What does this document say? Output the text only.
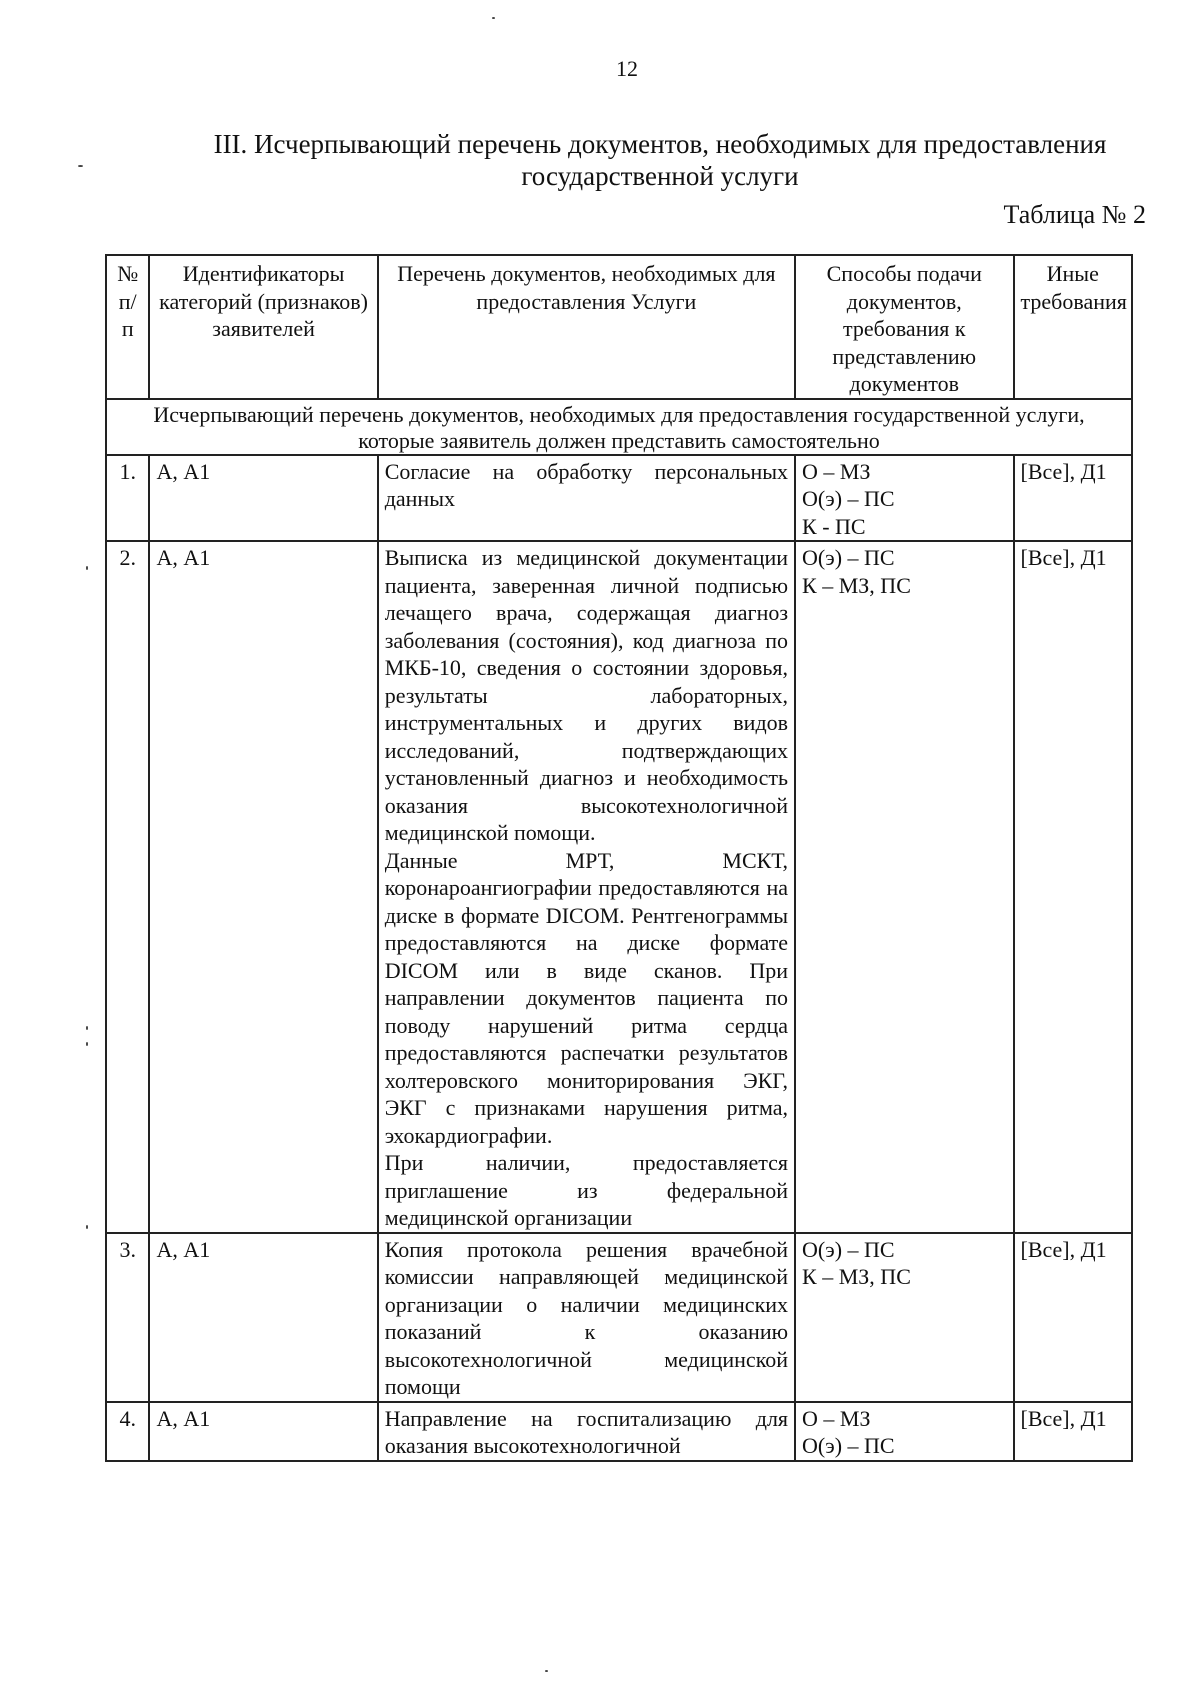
12
III. Исчерпывающий перечень документов, необходимых для предоставления
государственной услуги
Таблица № 2
№ п/п	Идентификаторы категорий (признаков) заявителей	Перечень документов, необходимых для предоставления Услуги	Способы подачи документов, требования к представлению документов	Иные требования
Исчерпывающий перечень документов, необходимых для предоставления государственной услуги, которые заявитель должен представить самостоятельно				
1.	А, А1	Согласие на обработку персональных данных	О – МЗ
О(э) – ПС
К - ПС	[Все], Д1
2.	А, А1	Выписка из медицинской документации пациента, заверенная личной подписью лечащего врача, содержащая диагноз заболевания (состояния), код диагноза по МКБ-10, сведения о состоянии здоровья, результаты лабораторных, инструментальных и других видов исследований, подтверждающих установленный диагноз и необходимость оказания высокотехнологичной медицинской помощи.
Данные МРТ, МСКТ, коронароангиографии предоставляются на диске в формате DICOM. Рентгенограммы предоставляются на диске формате DICOM или в виде сканов. При направлении документов пациента по поводу нарушений ритма сердца предоставляются распечатки результатов холтеровского мониторирования ЭКГ, ЭКГ с признаками нарушения ритма, эхокардиографии.
При наличии, предоставляется приглашение из федеральной медицинской организации	О(э) – ПС
К – МЗ, ПС	[Все], Д1
3.	А, А1	Копия протокола решения врачебной комиссии направляющей медицинской организации о наличии медицинских показаний к оказанию высокотехнологичной медицинской помощи	О(э) – ПС
К – МЗ, ПС	[Все], Д1
4.	А, А1	Направление на госпитализацию для оказания высокотехнологичной	О – МЗ
О(э) – ПС	[Все], Д1
